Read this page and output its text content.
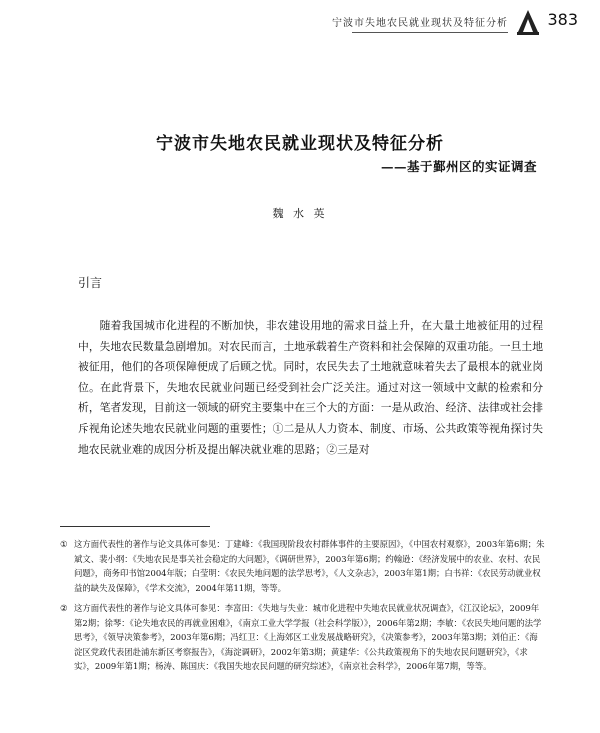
宁波市失地农民就业现状及特征分析 383
宁波市失地农民就业现状及特征分析
——基于鄞州区的实证调查
魏 水 英
引言

随着我国城市化进程的不断加快，非农建设用地的需求日益上升，在大量土地被征用的过程中，失地农民数量急剧增加。对农民而言，土地承载着生产资料和社会保障的双重功能。一旦土地被征用，他们的各项保障便成了后顾之忧。同时，农民失去了土地就意味着失去了最根本的就业岗位。在此背景下，失地农民就业问题已经受到社会广泛关注。通过对这一领域中文献的检索和分析，笔者发现，目前这一领域的研究主要集中在三个大的方面：一是从政治、经济、法律或社会排斥视角论述失地农民就业问题的重要性；①二是从人力资本、制度、市场、公共政策等视角探讨失地农民就业难的成因分析及提出解决就业难的思路；②三是对

① 这方面代表性的著作与论文具体可参见：丁建峰：《我国现阶段农村群体事件的主要原因》，《中国农村观察》，2003年第6期；朱斌文、裴小纲：《失地农民是事关社会稳定的大问题》，《调研世界》，2003年第6期；约翰逊：《经济发展中的农业、农村、农民问题》，商务印书馆2004年版；白莹明：《农民失地问题的法学思考》，《人文杂志》，2003年第1期；白书祥：《农民劳动就业权益的缺失及保障》，《学术交流》，2004年第11期，等等。
② 这方面代表性的著作与论文具体可参见：李富田：《失地与失业：城市化进程中失地农民就业状况调查》，《江汉论坛》，2009年第2期；徐琴：《论失地农民的再就业困难》，《南京工业大学学报（社会科学版）》，2006年第2期；李敏：《农民失地问题的法学思考》，《领导决策参考》，2003年第6期；冯红卫：《上海郊区工业发展战略研究》，《决策参考》，2003年第3期；刘伯正：《海淀区党政代表团赴浦东新区考察报告》，《海淀调研》，2002年第3期；黄建华：《公共政策视角下的失地农民问题研究》，《求实》，2009年第1期；杨涛、陈国庆：《我国失地农民问题的研究综述》，《南京社会科学》，2006年第7期，等等。
